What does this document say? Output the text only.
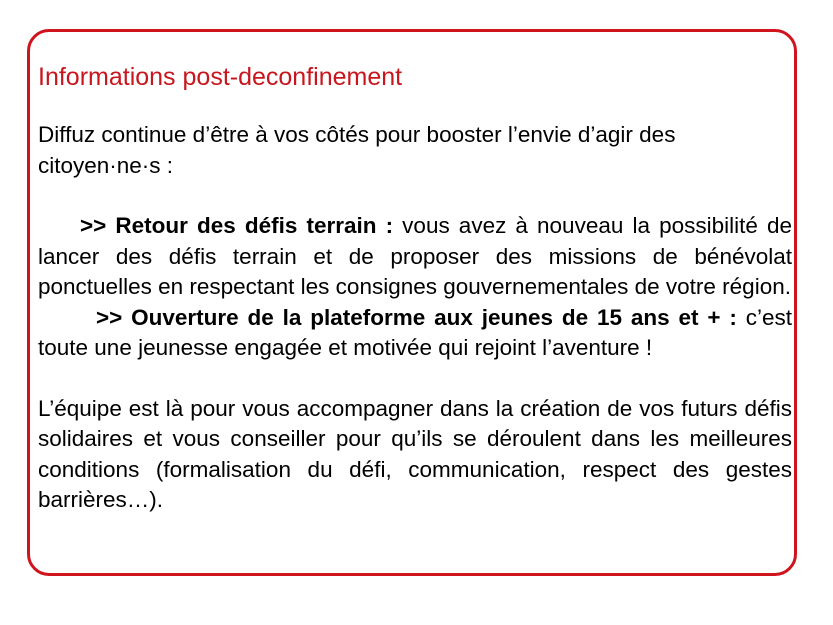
Informations post-deconfinement

Diffuz continue d’être à vos côtés pour booster l’envie d’agir des citoyen·ne·s :

>> Retour des défis terrain : vous avez à nouveau la possibilité de lancer des défis terrain et de proposer des missions de bénévolat ponctuelles en respectant les consignes gouvernementales de votre région.

>> Ouverture de la plateforme aux jeunes de 15 ans et + : c’est toute une jeunesse engagée et motivée qui rejoint l’aventure !

L’équipe est là pour vous accompagner dans la création de vos futurs défis solidaires et vous conseiller pour qu’ils se déroulent dans les meilleures conditions (formalisation du défi, communication, respect des gestes barrières…).
